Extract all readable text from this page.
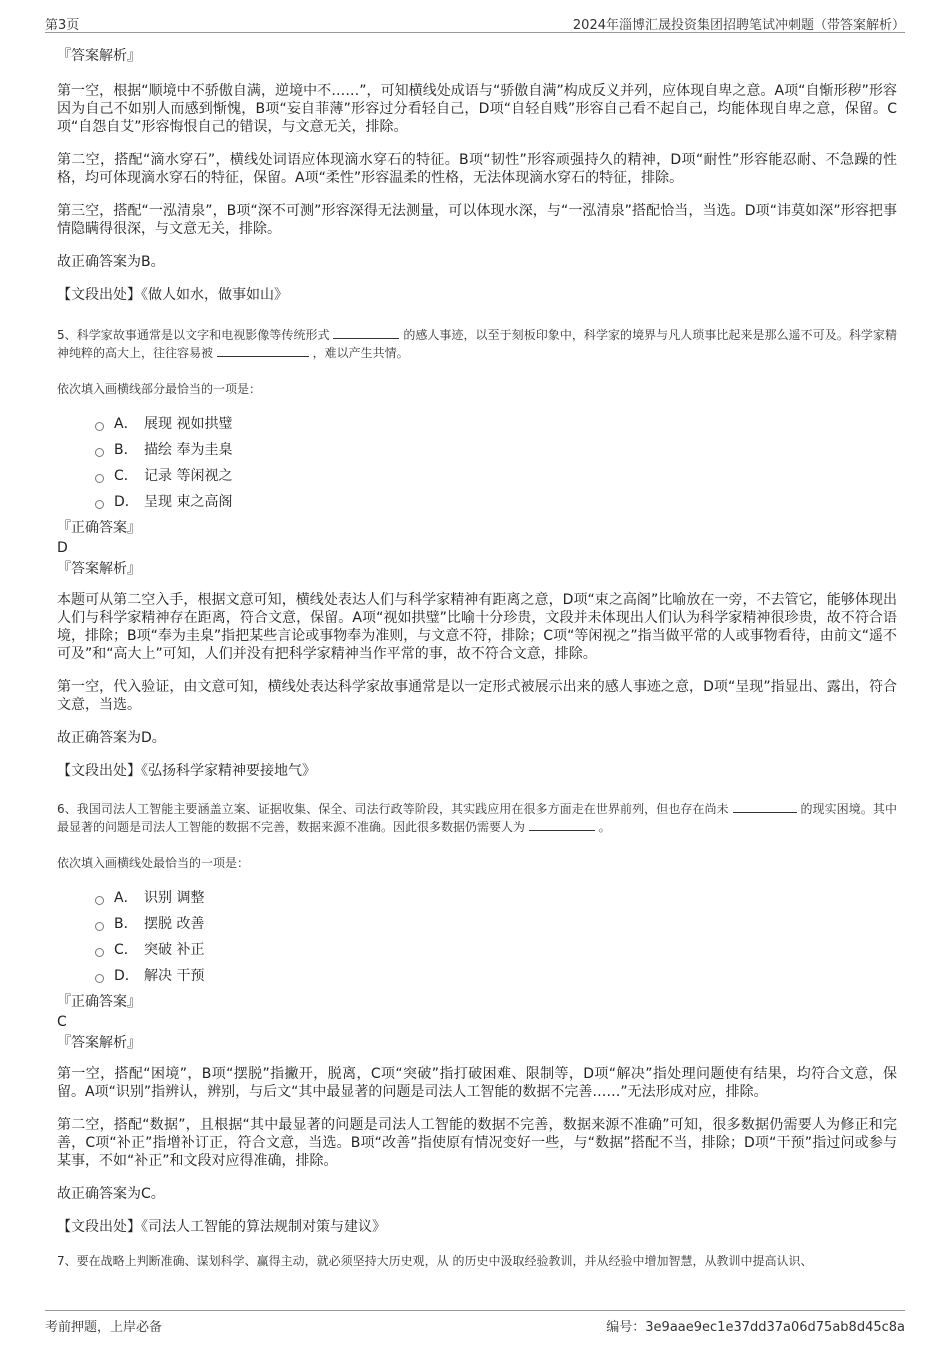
第3页	2024年淄博汇晟投资集团招聘笔试冲刺题（带答案解析）
『答案解析』

第一空，根据“顺境中不骄傲自满，逆境中不……”，可知横线处成语与“骄傲自满”构成反义并列，应体现自卑之意。A项“自惭形秽”形容因为自己不如别人而感到惭愧，B项“妄自菲薄”形容过分看轻自己，D项“自轻自贱”形容自己看不起自己，均能体现自卑之意，保留。C项“自怨自艾”形容悔恨自己的错误，与文意无关，排除。

第二空，搭配“滴水穿石”，横线处词语应体现滴水穿石的特征。B项“韧性”形容顽强持久的精神，D项“耐性”形容能忍耐、不急躁的性格，均可体现滴水穿石的特征，保留。A项“柔性”形容温柔的性格，无法体现滴水穿石的特征，排除。

第三空，搭配“一泓清泉”，B项“深不可测”形容深得无法测量，可以体现水深，与“一泓清泉”搭配恰当，当选。D项“讳莫如深”形容把事情隐瞒得很深，与文意无关，排除。

故正确答案为B。

【文段出处】《做人如水，做事如山》

5、科学家故事通常是以文字和电视影像等传统形式	的感人事迹，以至于刻板印象中，科学家的境界与凡人琐事比起来是那么遥不可及。科学家精神纯粹的高大上，往往容易被	，难以产生共情。

依次填入画横线部分最恰当的一项是：

A． 展现 视如拱璧
B． 描绘 奉为圭臬
C． 记录 等闲视之
D． 呈现 束之高阁
『正确答案』
D
『答案解析』

本题可从第二空入手，根据文意可知，横线处表达人们与科学家精神有距离之意，D项“束之高阁”比喻放在一旁，不去管它，能够体现出人们与科学家精神存在距离，符合文意，保留。A项“视如拱璧”比喻十分珍贵，文段并未体现出人们认为科学家精神很珍贵，故不符合语境，排除；B项“奉为圭臬”指把某些言论或事物奉为准则，与文意不符，排除；C项“等闲视之”指当做平常的人或事物看待，由前文“遥不可及”和“高大上”可知，人们并没有把科学家精神当作平常的事，故不符合文意，排除。

第一空，代入验证，由文意可知，横线处表达科学家故事通常是以一定形式被展示出来的感人事迹之意，D项“呈现”指显出、露出，符合文意，当选。

故正确答案为D。

【文段出处】《弘扬科学家精神要接地气》

6、我国司法人工智能主要涵盖立案、证据收集、保全、司法行政等阶段，其实践应用在很多方面走在世界前列，但也存在尚未	的现实困境。其中最显著的问题是司法人工智能的数据不完善，数据来源不准确。因此很多数据仍需要人为	。

依次填入画横线处最恰当的一项是：

A． 识别 调整
B． 摆脱 改善
C． 突破 补正
D． 解决 干预
『正确答案』
C
『答案解析』

第一空，搭配“困境”，B项“摆脱”指撇开，脱离，C项“突破”指打破困难、限制等，D项“解决”指处理问题使有结果，均符合文意，保留。A项“识别”指辨认，辨别，与后文“其中最显著的问题是司法人工智能的数据不完善……”无法形成对应，排除。

第二空，搭配“数据”，且根据“其中最显著的问题是司法人工智能的数据不完善，数据来源不准确”可知，很多数据仍需要人为修正和完善，C项“补正”指增补订正，符合文意，当选。B项“改善”指使原有情况变好一些，与“数据”搭配不当，排除；D项“干预”指过问或参与某事，不如“补正”和文段对应得准确，排除。

故正确答案为C。

【文段出处】《司法人工智能的算法规制对策与建议》

7、要在战略上判断准确、谋划科学、赢得主动，就必须坚持大历史观，从 的历史中汲取经验教训，并从经验中增加智慧，从教训中提高认识、

考前押题，上岸必备	编号：3e9aae9ec1e37dd37a06d75ab8d45c8a
